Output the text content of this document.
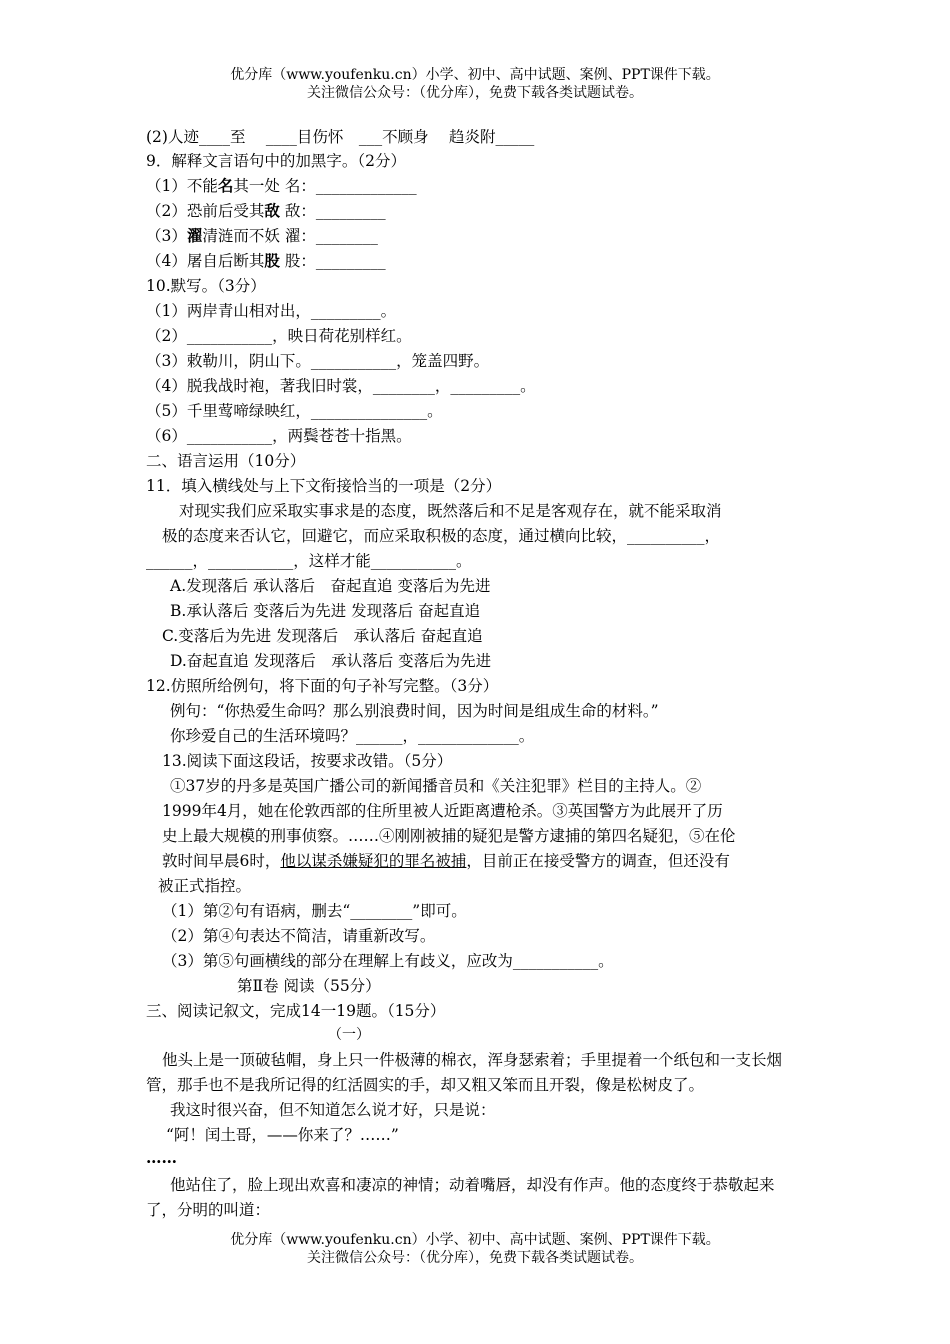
优分库（www.youfenku.cn）小学、初中、高中试题、案例、PPT课件下载。
关注微信公众号：（优分库），免费下载各类试题试卷。
(2)人迹____至　 ____目伤怀　___不顾身　 趋炎附_____
9．解释文言语句中的加黑字。（2分）
（1）不能名其一处 名：_____________
（2）恐前后受其敌 敌：_________
（3）濯清涟而不妖 濯：________
（4）屠自后断其股 股：_________
10.默写。（3分）
（1）两岸青山相对出，_________。
（2）___________，映日荷花别样红。
（3）敕勒川，阴山下。___________，笼盖四野。
（4）脱我战时袍，著我旧时裳，________，_________。
（5）千里莺啼绿映红，_______________。
（6）___________，两鬓苍苍十指黑。
二、语言运用（10分）
11．填入横线处与上下文衔接恰当的一项是（2分）
对现实我们应采取实事求是的态度，既然落后和不足是客观存在，就不能采取消
极的态度来否认它，回避它，而应采取积极的态度，通过横向比较，__________，
______，___________，这样才能___________。
A.发现落后 承认落后　奋起直追 变落后为先进
B.承认落后 变落后为先进 发现落后 奋起直追
C.变落后为先进 发现落后　承认落后 奋起直追
D.奋起直追 发现落后　承认落后 变落后为先进
12.仿照所给例句，将下面的句子补写完整。（3分）
例句：“你热爱生命吗？那么别浪费时间，因为时间是组成生命的材料。”
你珍爱自己的生活环境吗？______，_____________。
13.阅读下面这段话，按要求改错。（5分）
①37岁的丹多是英国广播公司的新闻播音员和《关注犯罪》栏目的主持人。②
1999年4月，她在伦敦西部的住所里被人近距离遭枪杀。③英国警方为此展开了历
史上最大规模的刑事侦察。……④刚刚被捕的疑犯是警方逮捕的第四名疑犯，⑤在伦
敦时间早晨6时，他以谋杀嫌疑犯的罪名被捕，目前正在接受警方的调查，但还没有
被正式指控。
（1）第②句有语病，删去“________”即可。
（2）第④句表达不简洁，请重新改写。
（3）第⑤句画横线的部分在理解上有歧义，应改为___________。
第Ⅱ卷 阅读（55分）
三、阅读记叙文，完成14一19题。（15分）
（一）
他头上是一顶破毡帽，身上只一件极薄的棉衣，浑身瑟索着；手里提着一个纸包和一支长烟
管，那手也不是我所记得的红活圆实的手，却又粗又笨而且开裂，像是松树皮了。
我这时很兴奋，但不知道怎么说才好，只是说：
“阿！闰土哥，——你来了？……”
……
他站住了，脸上现出欢喜和凄凉的神情；动着嘴唇，却没有作声。他的态度终于恭敬起来
了，分明的叫道：
优分库（www.youfenku.cn）小学、初中、高中试题、案例、PPT课件下载。
关注微信公众号：（优分库），免费下载各类试题试卷。
